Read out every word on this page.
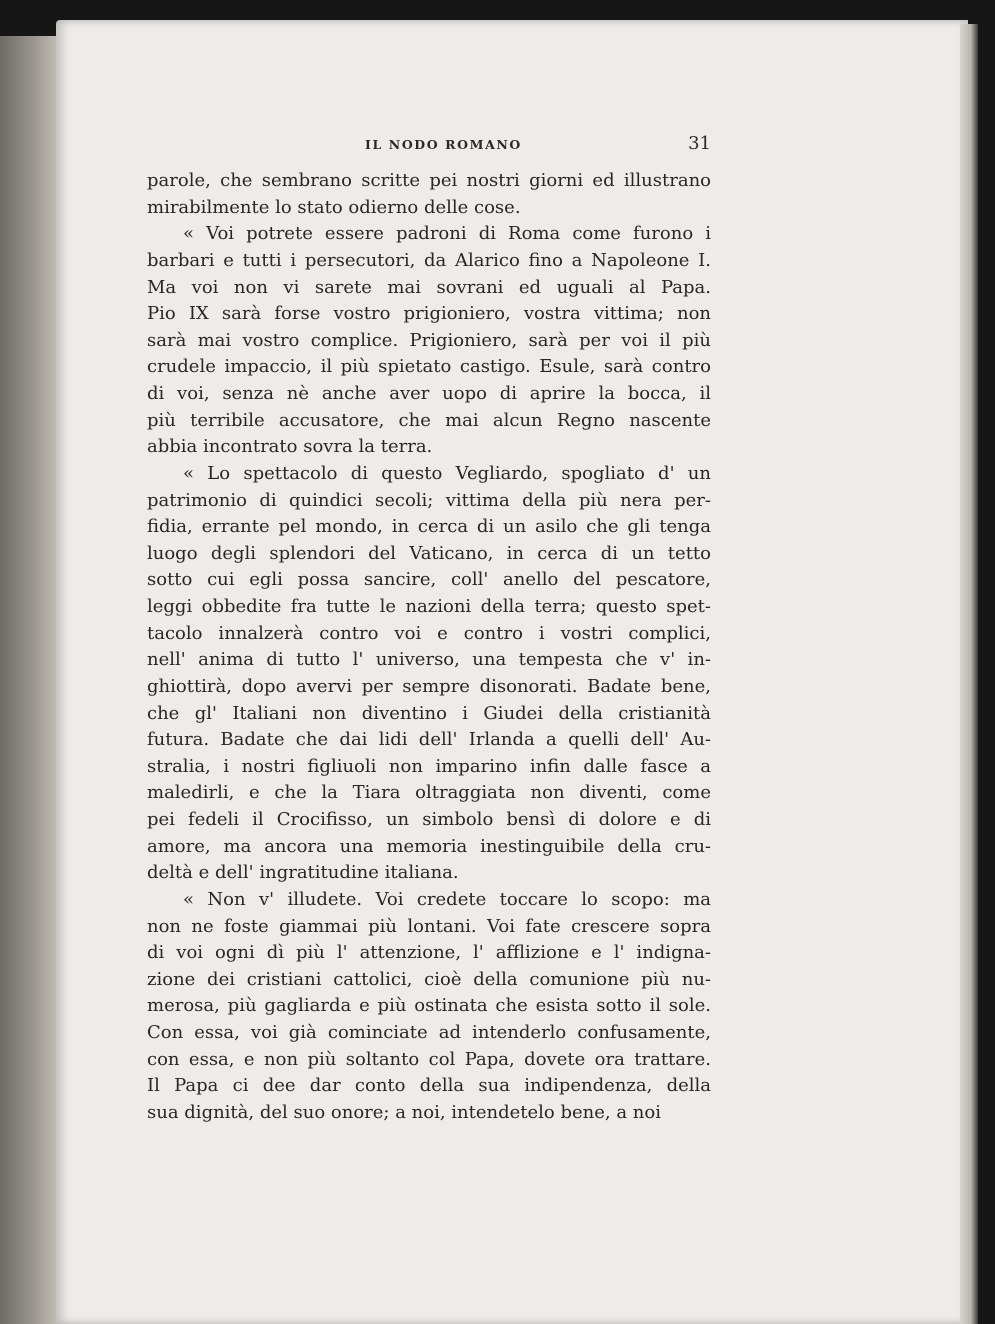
IL NODO ROMANO	31
parole, che sembrano scritte pei nostri giorni ed illustrano
mirabilmente lo stato odierno delle cose.
« Voi potrete essere padroni di Roma come furono i
barbari e tutti i persecutori, da Alarico fino a Napoleone I.
Ma voi non vi sarete mai sovrani ed uguali al Papa.
Pio IX sarà forse vostro prigioniero, vostra vittima; non
sarà mai vostro complice. Prigioniero, sarà per voi il più
crudele impaccio, il più spietato castigo. Esule, sarà contro
di voi, senza nè anche aver uopo di aprire la bocca, il
più terribile accusatore, che mai alcun Regno nascente
abbia incontrato sovra la terra.
« Lo spettacolo di questo Vegliardo, spogliato d' un
patrimonio di quindici secoli; vittima della più nera per-
fidia, errante pel mondo, in cerca di un asilo che gli tenga
luogo degli splendori del Vaticano, in cerca di un tetto
sotto cui egli possa sancire, coll' anello del pescatore,
leggi obbedite fra tutte le nazioni della terra; questo spet-
tacolo innalzerà contro voi e contro i vostri complici,
nell' anima di tutto l' universo, una tempesta che v' in-
ghiottirà, dopo avervi per sempre disonorati. Badate bene,
che gl' Italiani non diventino i Giudei della cristianità
futura. Badate che dai lidi dell' Irlanda a quelli dell' Au-
stralia, i nostri figliuoli non imparino infin dalle fasce a
maledirli, e che la Tiara oltraggiata non diventi, come
pei fedeli il Crocifisso, un simbolo bensì di dolore e di
amore, ma ancora una memoria inestinguibile della cru-
deltà e dell' ingratitudine italiana.
« Non v' illudete. Voi credete toccare lo scopo: ma
non ne foste giammai più lontani. Voi fate crescere sopra
di voi ogni dì più l' attenzione, l' afflizione e l' indigna-
zione dei cristiani cattolici, cioè della comunione più nu-
merosa, più gagliarda e più ostinata che esista sotto il sole.
Con essa, voi già cominciate ad intenderlo confusamente,
con essa, e non più soltanto col Papa, dovete ora trattare.
Il Papa ci dee dar conto della sua indipendenza, della
sua dignità, del suo onore; a noi, intendetelo bene, a noi
